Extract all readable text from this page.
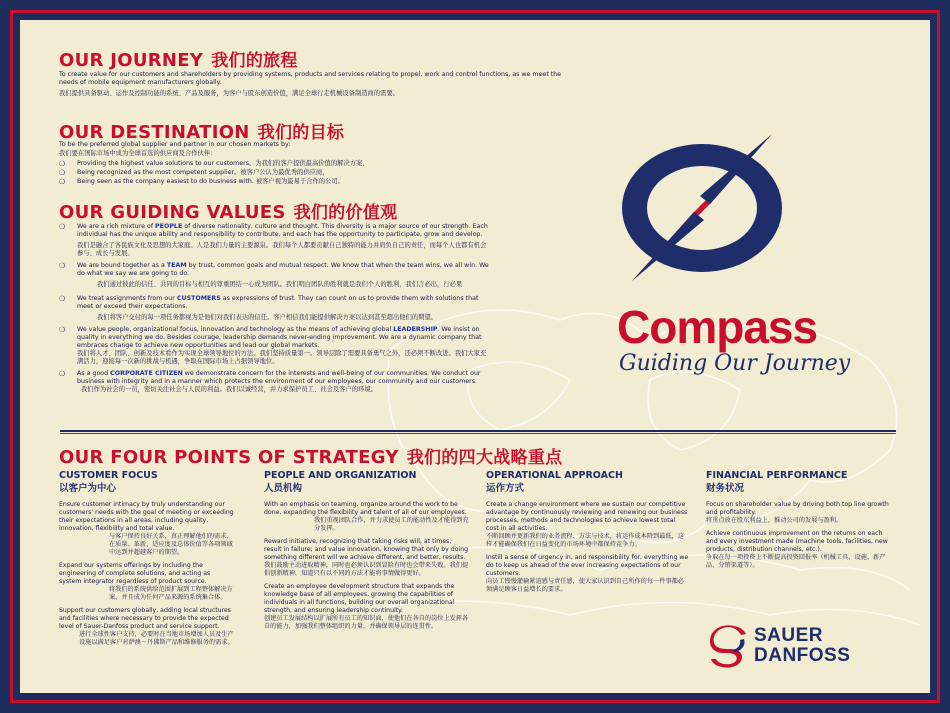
OUR JOURNEY 我们的旅程
To create value for our customers and shareholders by providing systems, products and services relating to propel, work and control functions, as we meet the needs of mobile equipment manufacturers globally.
我们提供具备驱动、运作及控制功能的系统、产品及服务，为客户与股东创造价值，满足全球行走机械设备制造商的需要。
OUR DESTINATION 我们的目标
To be the preferred global supplier and partner in our chosen markets by:
我们要在国际市场中成为全球首选的供应商及合作伙伴：
❍ Providing the highest value solutions to our customers。为我们的客户提供最高价值的解决方案，
❍ Being recognized as the most competent supplier。被客户公认为最优秀的供应商，
❍ Being seen as the company easiest to do business with. 被客户视为最易于合作的公司。
OUR GUIDING VALUES 我们的价值观
❍ We are a rich mixture of PEOPLE of diverse nationality, culture and thought. This diversity is a major source of our strength. Each individual has the unique ability and responsibility to contribute, and each has the opportunity to participate, grow and develop.
我们是融合了各民族文化及思想的大家庭。人是我们力量的主要源泉。我们每个人都要贡献自己独特的能力并肩负自己的责任，而每个人也都有机会参与、成长与发展。
❍ We are bound together as a TEAM by trust, common goals and mutual respect. We know that when the team wins, we all win. We do what we say we are going to do.
我们通过彼此的信任、共同的目标与相互的尊重团结一心成为团队。我们明白团队的胜利就是我们个人的胜利，我们言必出，行必果
❍ We treat assignments from our CUSTOMERS as expressions of trust. They can count on us to provide them with solutions that meet or exceed their expectations.
我们将客户交付的每一项任务都视为是他们对我们表达的信任。客户相信我们能提供解决方案以达到甚至超出他们的期望。
❍ We value people, organizational focus, innovation and technology as the means of achieving global LEADERSHIP. We insist on quality in everything we do. Besides courage, leadership demands never-ending improvement. We are a dynamic company that embraces change to achieve new opportunities and lead our global markets.
我们将人才、团队、创新及技术看作为实现全球领导地位的方法。我们坚持质量第一。领导层除了需要具备勇气之外，还必须不断改进。我们大家充满活力，迎接每一次新的挑战与机遇，争取在国际市场上占据领导地位。
❍ As a good CORPORATE CITIZEN we demonstrate concern for the interests and well-being of our communities. We conduct our business with integrity and in a manner which protects the environment of our employees, our community and our customers.
我们作为社会的一员，密切关注社会与人民的利益。我们以诚经营，并力求保护员工、社会及客户的环境。
OUR FOUR POINTS OF STRATEGY 我们的四大战略重点
CUSTOMER FOCUS
以客户为中心

Ensure customer intimacy by truly understanding our customers' needs with the goal of meeting or exceeding their expectations in all areas, including quality, innovation, flexibility and total value.
与客户保持良好关系，真正理解他们的需求，在质量、革新、适应度及总体价值等各项领域中达到并超越客户的期望。

Expand our systems offerings by including the engineering of complete solutions, and acting as system integrator regardless of product source.
将我们的系统供给范围扩展到工程整体解决方案，并且成为任何产品来源的系统集合体。

Support our customers globally, adding local structures and facilities where necessary to provide the expected level of Sauer-Danfoss product and service support.
进行全球性客户支持，必要时在当地市场增加人员及生产设施以满足客户对萨澳－丹佛斯产品和维修服务的需求。

PEOPLE AND ORGANIZATION
人员机构

With an emphasis on teaming, organize around the work to be done, expanding the flexibility and talent of all of our employees.
我们重视团队合作，并力求使员工的能动性及才能得到充分发挥。

Reward initiative, recognizing that taking risks will, at times, result in failure; and value innovation, knowing that only by doing something different will we achieve different, and better, results.
我们鼓励主动进取精神，同时也必须认识到冒险有时也会带来失败。我们提倡创新精神，知道只有以不同的方法才能将事情做得更好。

Create an employee development structure that expands the knowledge base of all employees, growing the capabilities of individuals in all functions, building our overall organizational strength, and ensuring leadership continuity.
创建员工发展结构以扩展所有员工的知识面，使他们在各自的岗位上发挥各自的能力，加强我们整体组织的力量，并确保领导层的连贯性。

OPERATIONAL APPROACH
运作方式

Create a change environment where we sustain our competitive advantage by continuously reviewing and renewing our business processes, methods and technologies to achieve lowest total cost in all activities.
不断回顾并更新我们的业务流程、方法与技术，将运作成本降到最低，这样才能确保我们在日益变化的市场环境中都保持竞争力。

Instill a sense of urgency in, and responsibility for, everything we do to keep us ahead of the ever increasing expectations of our customers.
向员工慢慢灌输紧迫感与责任感，使大家认识到自己所作的每一件事都必须满足顾客日益增长的要求。

FINANCIAL PERFORMANCE
财务状况

Focus on shareholder value by driving both top line growth and profitability.
将重点放在股东利益上，推动公司的发展与盈利。

Achieve continuous improvement on the returns on each and every investment made (machine tools, facilities, new products, distribution channels, etc.).
争取在每一项投资上不断提高投资回报率（机械工具、设施、新产品、分销渠道等）。

Compass
Guiding Our Journey
SAUER
DANFOSS
